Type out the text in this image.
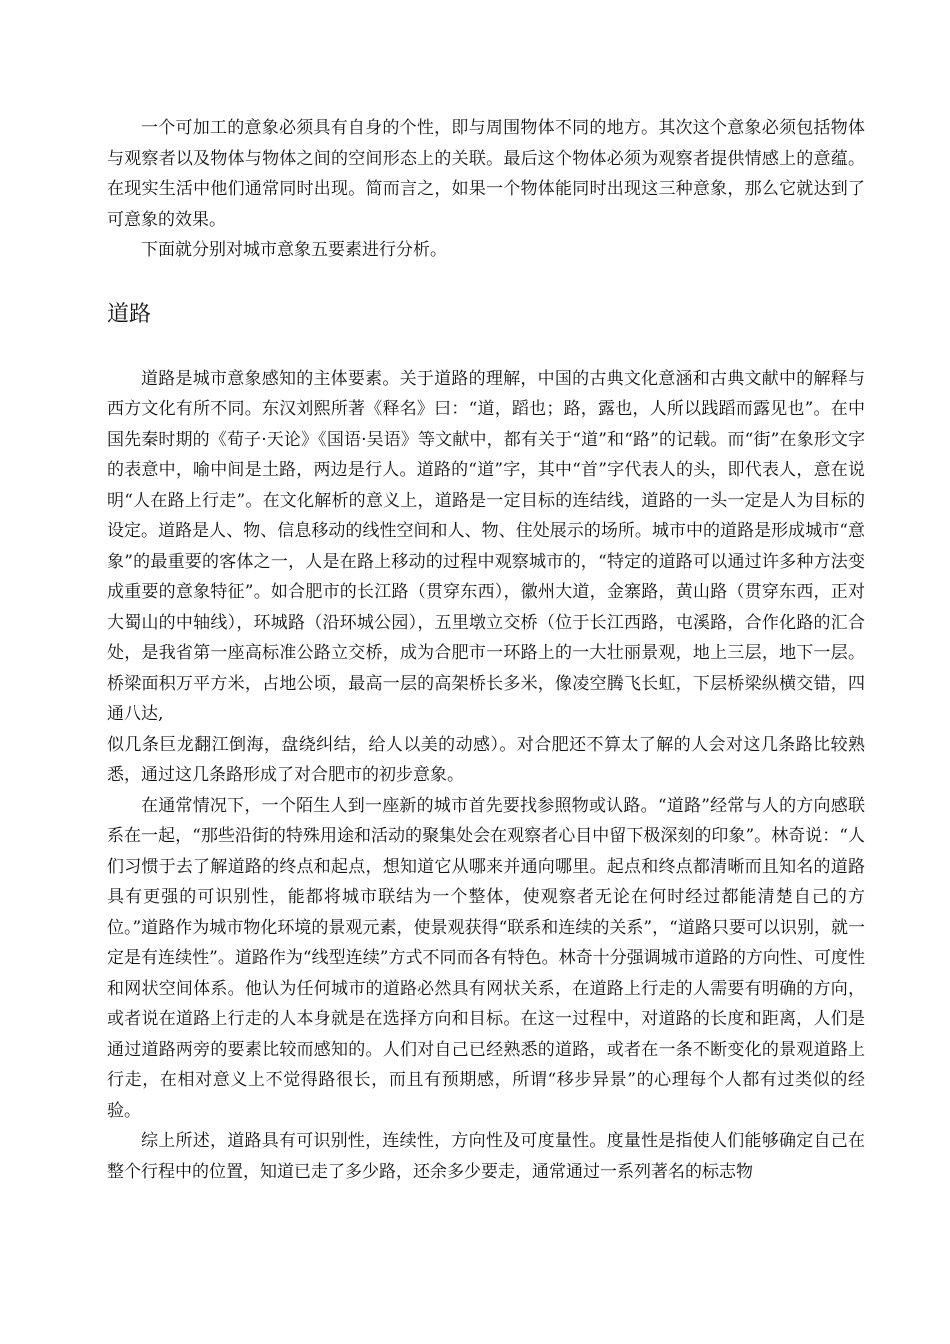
一个可加工的意象必须具有自身的个性，即与周围物体不同的地方。其次这个意象必须包括物体与观察者以及物体与物体之间的空间形态上的关联。最后这个物体必须为观察者提供情感上的意蕴。在现实生活中他们通常同时出现。简而言之，如果一个物体能同时出现这三种意象，那么它就达到了可意象的效果。

下面就分别对城市意象五要素进行分析。

道路

道路是城市意象感知的主体要素。关于道路的理解，中国的古典文化意涵和古典文献中的解释与西方文化有所不同。东汉刘熙所著《释名》曰：“道，蹈也；路，露也，人所以践蹈而露见也”。在中国先秦时期的《荀子·天论》《国语·吴语》等文献中，都有关于“道”和“路”的记载。而“街”在象形文字的表意中，喻中间是土路，两边是行人。道路的“道”字，其中“首”字代表人的头，即代表人，意在说明“人在路上行走”。在文化解析的意义上，道路是一定目标的连结线，道路的一头一定是人为目标的设定。道路是人、物、信息移动的线性空间和人、物、住处展示的场所。城市中的道路是形成城市“意象”的最重要的客体之一，人是在路上移动的过程中观察城市的，“特定的道路可以通过许多种方法变成重要的意象特征”。如合肥市的长江路（贯穿东西），徽州大道，金寨路，黄山路（贯穿东西，正对大蜀山的中轴线），环城路（沿环城公园），五里墩立交桥（位于长江西路，屯溪路，合作化路的汇合处，是我省第一座高标准公路立交桥，成为合肥市一环路上的一大壮丽景观，地上三层，地下一层。桥梁面积万平方米，占地公顷，最高一层的高架桥长多米，像凌空腾飞长虹，下层桥梁纵横交错，四通八达,

似几条巨龙翻江倒海，盘绕纠结，给人以美的动感）。对合肥还不算太了解的人会对这几条路比较熟悉，通过这几条路形成了对合肥市的初步意象。

在通常情况下，一个陌生人到一座新的城市首先要找参照物或认路。“道路”经常与人的方向感联系在一起，“那些沿街的特殊用途和活动的聚集处会在观察者心目中留下极深刻的印象”。林奇说：“人们习惯于去了解道路的终点和起点，想知道它从哪来并通向哪里。起点和终点都清晰而且知名的道路具有更强的可识别性，能都将城市联结为一个整体，使观察者无论在何时经过都能清楚自己的方位。”道路作为城市物化环境的景观元素，使景观获得“联系和连续的关系”，“道路只要可以识别，就一定是有连续性”。道路作为“线型连续”方式不同而各有特色。林奇十分强调城市道路的方向性、可度性和网状空间体系。他认为任何城市的道路必然具有网状关系，在道路上行走的人需要有明确的方向，或者说在道路上行走的人本身就是在选择方向和目标。在这一过程中，对道路的长度和距离，人们是通过道路两旁的要素比较而感知的。人们对自己已经熟悉的道路，或者在一条不断变化的景观道路上行走，在相对意义上不觉得路很长，而且有预期感，所谓“移步异景”的心理每个人都有过类似的经验。

综上所述，道路具有可识别性，连续性，方向性及可度量性。度量性是指使人们能够确定自己在整个行程中的位置，知道已走了多少路，还余多少要走，通常通过一系列著名的标志物
